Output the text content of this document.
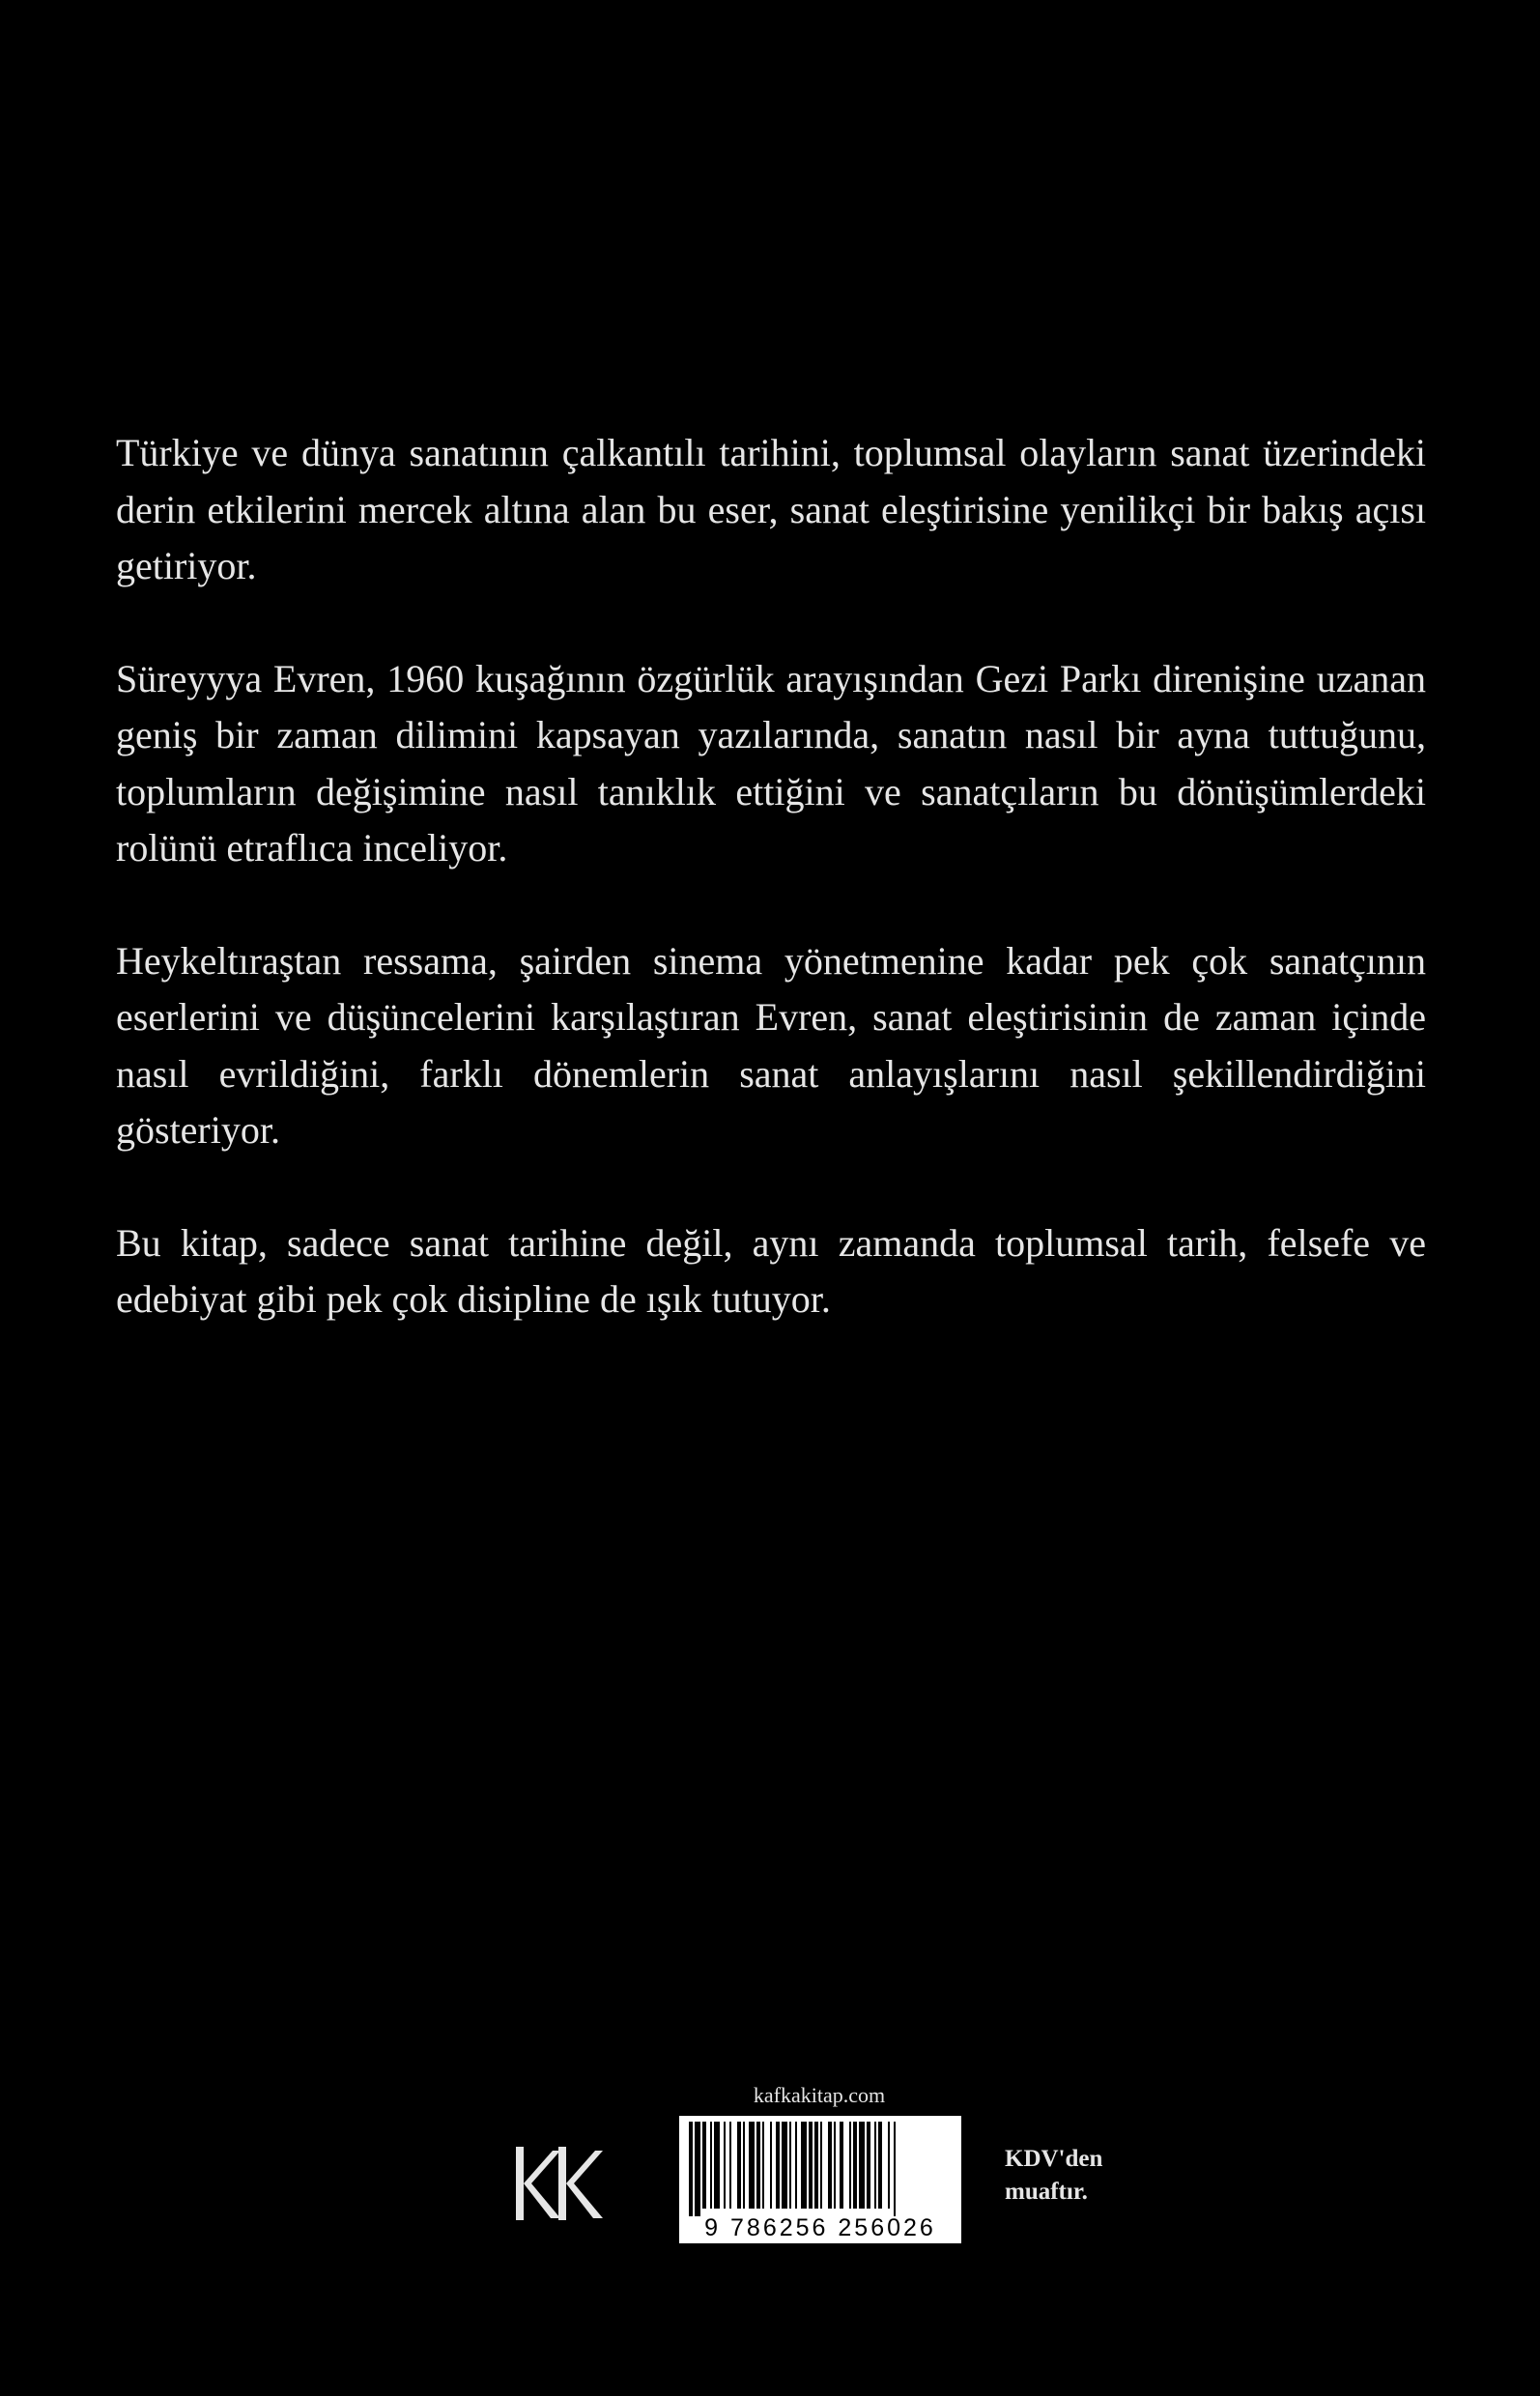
Türkiye ve dünya sanatının çalkantılı tarihini, toplumsal olayların sanat üzerindeki derin etkilerini mercek altına alan bu eser, sanat eleştirisine yenilikçi bir bakış açısı getiriyor.

Süreyyya Evren, 1960 kuşağının özgürlük arayışından Gezi Parkı direnişine uzanan geniş bir zaman dilimini kapsayan yazılarında, sanatın nasıl bir ayna tuttuğunu, toplumların değişimine nasıl tanıklık ettiğini ve sanatçıların bu dönüşümlerdeki rolünü etraflıca inceliyor.

Heykeltıraştan ressama, şairden sinema yönetmenine kadar pek çok sanatçının eserlerini ve düşüncelerini karşılaştıran Evren, sanat eleştirisinin de zaman içinde nasıl evrildiğini, farklı dönemlerin sanat anlayışlarını nasıl şekillendirdiğini gösteriyor.

Bu kitap, sadece sanat tarihine değil, aynı zamanda toplumsal tarih, felsefe ve edebiyat gibi pek çok disipline de ışık tutuyor.

kafkakitap.com
9 786256 256026
KDV'den
muaftır.
